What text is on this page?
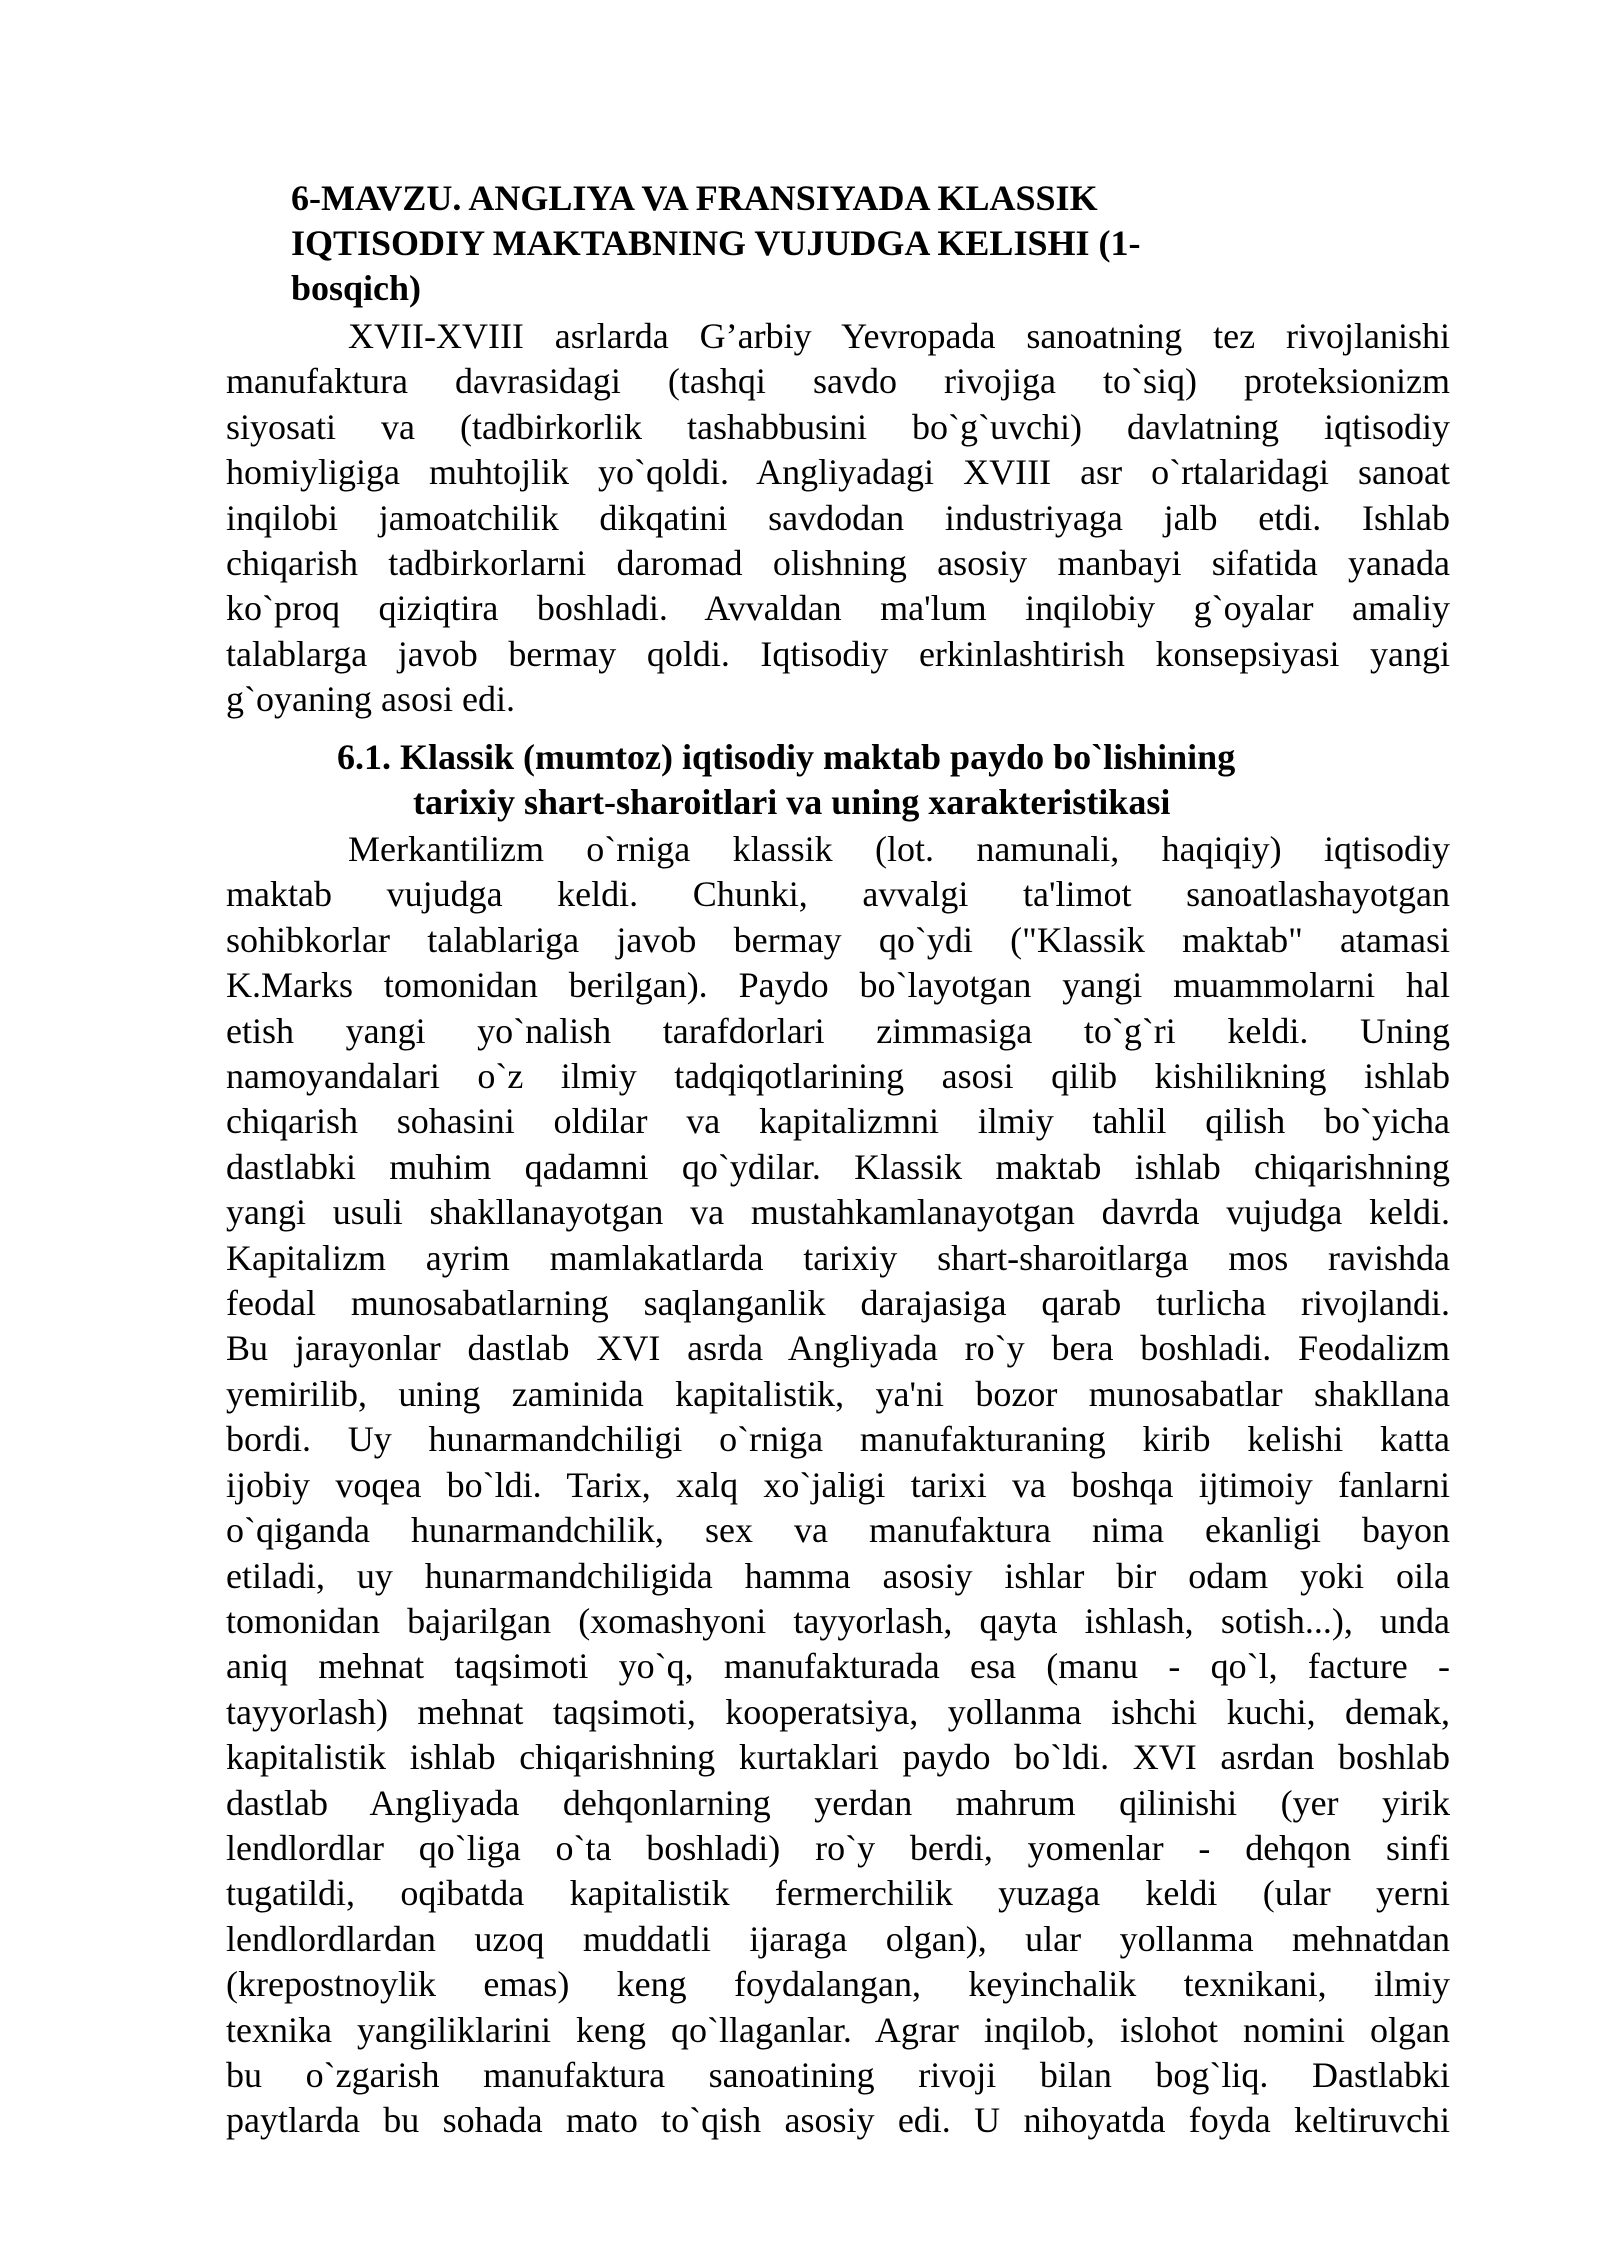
6-MAVZU. ANGLIYA VA FRANSIYADA KLASSIK
IQTISODIY MAKTABNING VUJUDGA KELISHI (1-
bosqich)

XVII-XVIII asrlarda G’arbiy Yevropada sanoatning tez rivojlanishi
manufaktura davrasidagi (tashqi savdo rivojiga to`siq) proteksionizm
siyosati va (tadbirkorlik tashabbusini bo`g`uvchi) davlatning iqtisodiy
homiyligiga muhtojlik yo`qoldi. Angliyadagi XVIII asr o`rtalaridagi sanoat
inqilobi jamoatchilik dikqatini savdodan industriyaga jalb etdi. Ishlab
chiqarish tadbirkorlarni daromad olishning asosiy manbayi sifatida yanada
ko`proq qiziqtira boshladi. Avvaldan ma'lum inqilobiy g`oyalar amaliy
talablarga javob bermay qoldi. Iqtisodiy erkinlashtirish konsepsiyasi yangi
g`oyaning asosi edi.

6.1. Klassik (mumtoz) iqtisodiy maktab paydo bo`lishining
tarixiy shart-sharoitlari va uning xarakteristikasi

Merkantilizm o`rniga klassik (lot. namunali, haqiqiy) iqtisodiy
maktab vujudga keldi. Chunki, avvalgi ta'limot sanoatlashayotgan
sohibkorlar talablariga javob bermay qo`ydi ("Klassik maktab" atamasi
K.Marks tomonidan berilgan). Paydo bo`layotgan yangi muammolarni hal
etish yangi yo`nalish tarafdorlari zimmasiga to`g`ri keldi. Uning
namoyandalari o`z ilmiy tadqiqotlarining asosi qilib kishilikning ishlab
chiqarish sohasini oldilar va kapitalizmni ilmiy tahlil qilish bo`yicha
dastlabki muhim qadamni qo`ydilar. Klassik maktab ishlab chiqarishning
yangi usuli shakllanayotgan va mustahkamlanayotgan davrda vujudga keldi.
Kapitalizm ayrim mamlakatlarda tarixiy shart-sharoitlarga mos ravishda
feodal munosabatlarning saqlanganlik darajasiga qarab turlicha rivojlandi.
Bu jarayonlar dastlab XVI asrda Angliyada ro`y bera boshladi. Feodalizm
yemirilib, uning zaminida kapitalistik, ya'ni bozor munosabatlar shakllana
bordi. Uy hunarmandchiligi o`rniga manufakturaning kirib kelishi katta
ijobiy voqea bo`ldi. Tarix, xalq xo`jaligi tarixi va boshqa ijtimoiy fanlarni
o`qiganda hunarmandchilik, sex va manufaktura nima ekanligi bayon
etiladi, uy hunarmandchiligida hamma asosiy ishlar bir odam yoki oila
tomonidan bajarilgan (xomashyoni tayyorlash, qayta ishlash, sotish...), unda
aniq mehnat taqsimoti yo`q, manufakturada esa (manu - qo`l, facture -
tayyorlash) mehnat taqsimoti, kooperatsiya, yollanma ishchi kuchi, demak,
kapitalistik ishlab chiqarishning kurtaklari paydo bo`ldi. XVI asrdan boshlab
dastlab Angliyada dehqonlarning yerdan mahrum qilinishi (yer yirik
lendlordlar qo`liga o`ta boshladi) ro`y berdi, yomenlar - dehqon sinfi
tugatildi, oqibatda kapitalistik fermerchilik yuzaga keldi (ular yerni
lendlordlardan uzoq muddatli ijaraga olgan), ular yollanma mehnatdan
(krepostnoylik emas) keng foydalangan, keyinchalik texnikani, ilmiy
texnika yangiliklarini keng qo`llaganlar. Agrar inqilob, islohot nomini olgan
bu o`zgarish manufaktura sanoatining rivoji bilan bog`liq. Dastlabki
paytlarda bu sohada mato to`qish asosiy edi. U nihoyatda foyda keltiruvchi
